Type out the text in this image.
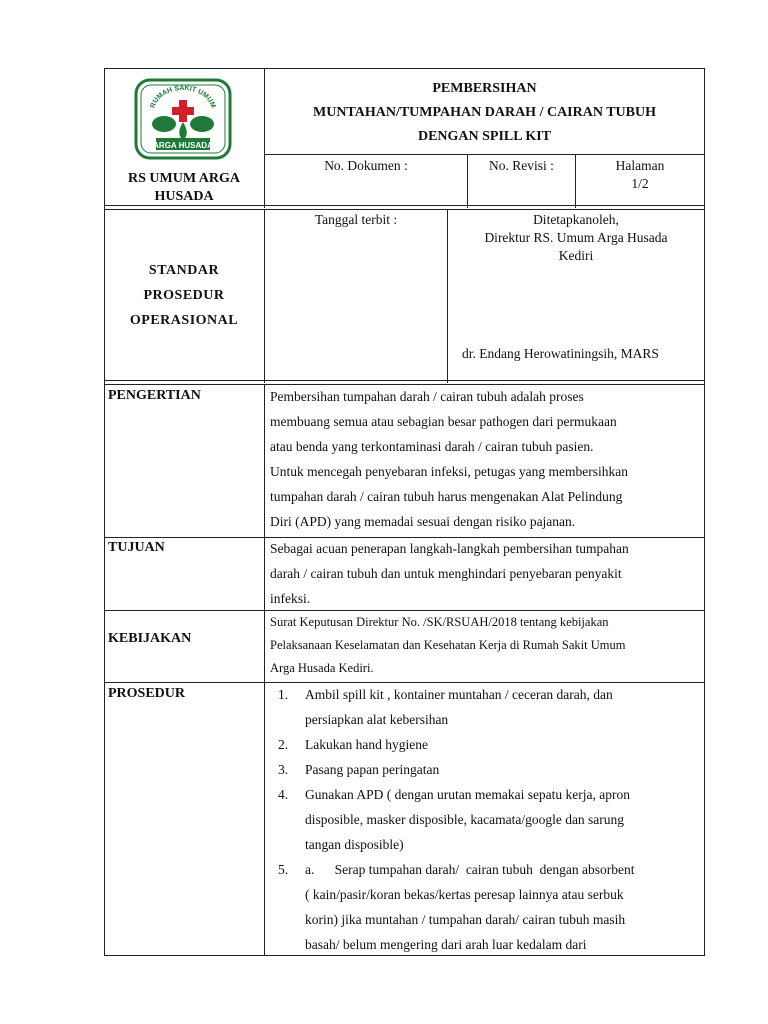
RUMAH SAKIT UMUM
ARGA HUSADA
RS UMUM ARGA
HUSADA
PEMBERSIHAN
MUNTAHAN/TUMPAHAN DARAH / CAIRAN TUBUH
DENGAN SPILL KIT
No. Dokumen :	No. Revisi :	Halaman
1/2
STANDAR
PROSEDUR
OPERASIONAL
Tanggal terbit :	Ditetapkanoleh,
Direktur RS. Umum Arga Husada
Kediri
dr. Endang Herowatiningsih, MARS
PENGERTIAN	Pembersihan tumpahan darah / cairan tubuh adalah proses
membuang semua atau sebagian besar pathogen dari permukaan
atau benda yang terkontaminasi darah / cairan tubuh pasien.
Untuk mencegah penyebaran infeksi, petugas yang membersihkan
tumpahan darah / cairan tubuh harus mengenakan Alat Pelindung
Diri (APD) yang memadai sesuai dengan risiko pajanan.
TUJUAN	Sebagai acuan penerapan langkah-langkah pembersihan tumpahan
darah / cairan tubuh dan untuk menghindari penyebaran penyakit
infeksi.
KEBIJAKAN
Surat Keputusan Direktur No. /SK/RSUAH/2018 tentang kebijakan
Pelaksanaan Keselamatan dan Kesehatan Kerja di Rumah Sakit Umum
Arga Husada Kediri.
PROSEDUR	1. Ambil spill kit , kontainer muntahan / ceceran darah, dan
persiapkan alat kebersihan
2. Lakukan hand hygiene
3. Pasang papan peringatan
4. Gunakan APD ( dengan urutan memakai sepatu kerja, apron
disposible, masker disposible, kacamata/google dan sarung
tangan disposible)
5. a.      Serap tumpahan darah/  cairan tubuh  dengan absorbent
( kain/pasir/koran bekas/kertas peresap lainnya atau serbuk
korin) jika muntahan / tumpahan darah/ cairan tubuh masih
basah/ belum mengering dari arah luar kedalam dari
